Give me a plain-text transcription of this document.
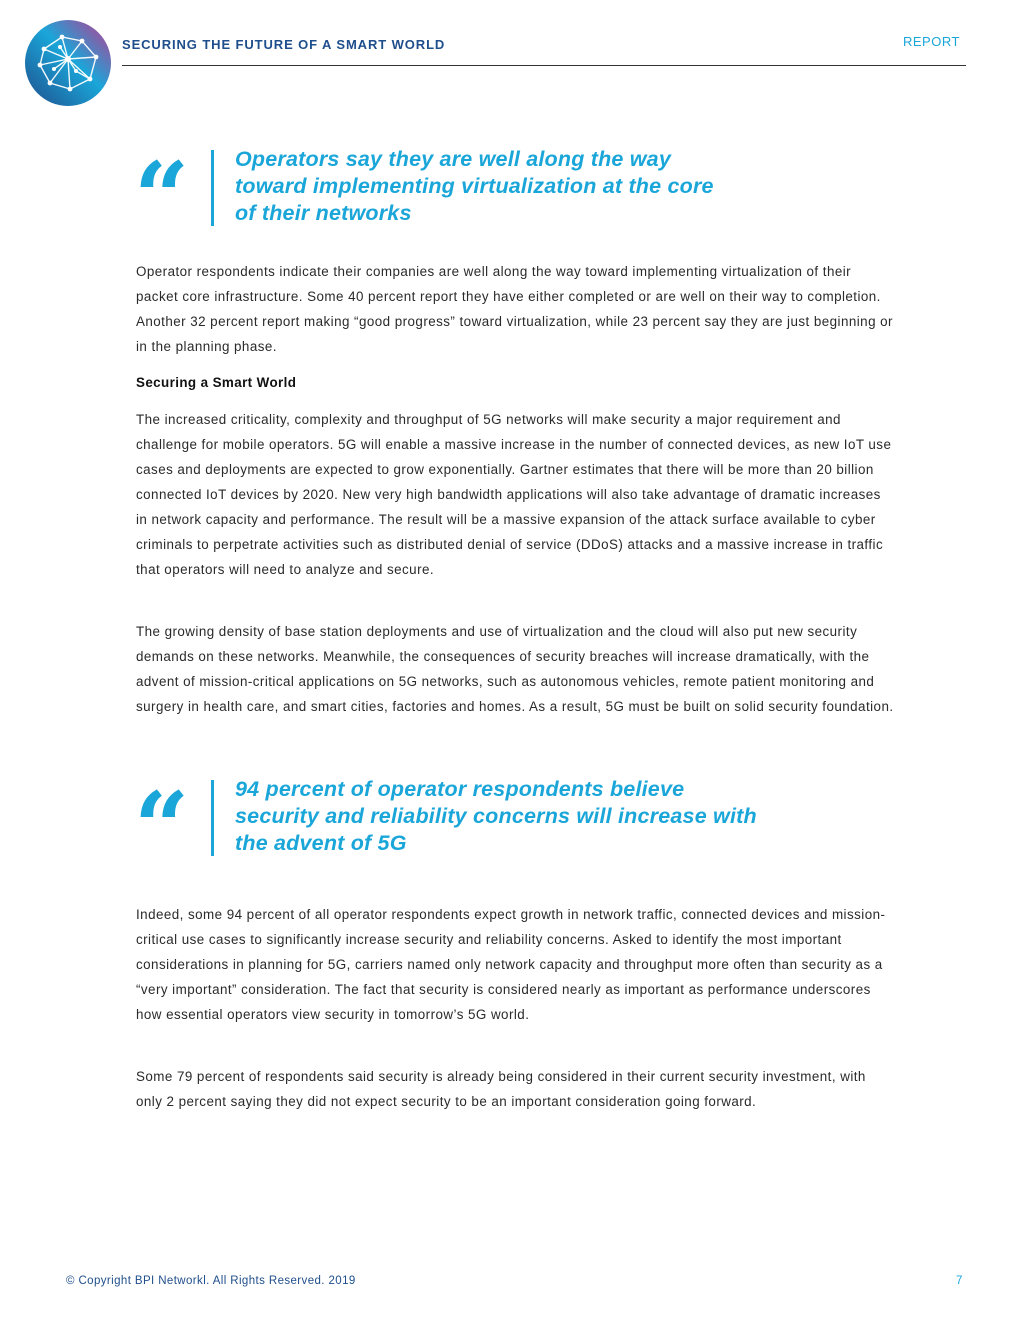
SECURING THE FUTURE OF A SMART WORLD	REPORT
“ Operators say they are well along the way
toward implementing virtualization at the core
of their networks

Operator respondents indicate their companies are well along the way toward implementing virtualization of their packet core infrastructure. Some 40 percent report they have either completed or are well on their way to completion. Another 32 percent report making “good progress” toward virtualization, while 23 percent say they are just beginning or in the planning phase.

Securing a Smart World

The increased criticality, complexity and throughput of 5G networks will make security a major requirement and challenge for mobile operators. 5G will enable a massive increase in the number of connected devices, as new IoT use cases and deployments are expected to grow exponentially. Gartner estimates that there will be more than 20 billion connected IoT devices by 2020. New very high bandwidth applications will also take advantage of dramatic increases in network capacity and performance. The result will be a massive expansion of the attack surface available to cyber criminals to perpetrate activities such as distributed denial of service (DDoS) attacks and a massive increase in traffic that operators will need to analyze and secure.

The growing density of base station deployments and use of virtualization and the cloud will also put new security demands on these networks. Meanwhile, the consequences of security breaches will increase dramatically, with the advent of mission-critical applications on 5G networks, such as autonomous vehicles, remote patient monitoring and surgery in health care, and smart cities, factories and homes. As a result, 5G must be built on solid security foundation.

“ 94 percent of operator respondents believe
security and reliability concerns will increase with
the advent of 5G

Indeed, some 94 percent of all operator respondents expect growth in network traffic, connected devices and mission-critical use cases to significantly increase security and reliability concerns. Asked to identify the most important considerations in planning for 5G, carriers named only network capacity and throughput more often than security as a “very important” consideration. The fact that security is considered nearly as important as performance underscores how essential operators view security in tomorrow’s 5G world.

Some 79 percent of respondents said security is already being considered in their current security investment, with only 2 percent saying they did not expect security to be an important consideration going forward.

© Copyright BPI Networkl. All Rights Reserved. 2019	7
